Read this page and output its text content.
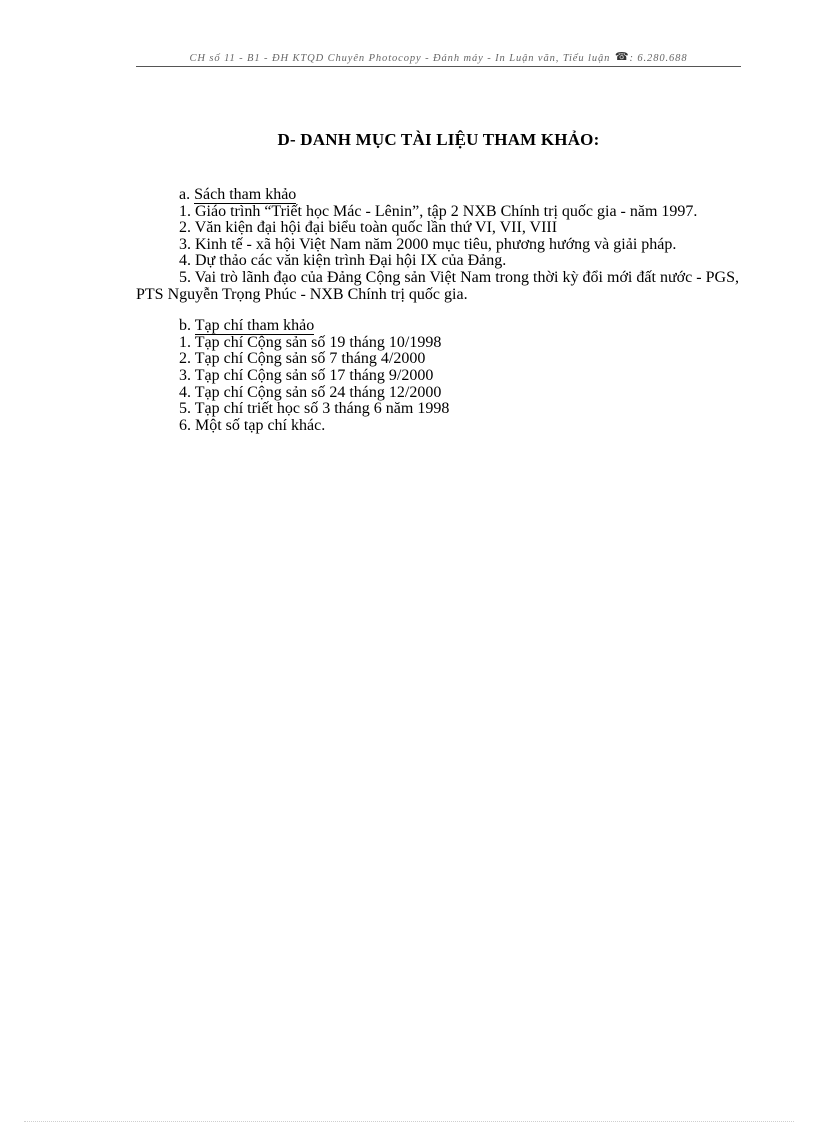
CH số 11 - B1 - ĐH KTQD Chuyên Photocopy - Đánh máy - In Luận văn, Tiểu luận ☎: 6.280.688
D- DANH MỤC TÀI LIỆU THAM KHẢO:
a. Sách tham khảo
1. Giáo trình “Triết học Mác - Lênin”, tập 2 NXB Chính trị quốc gia - năm 1997.
2. Văn kiện đại hội đại biểu toàn quốc lần thứ VI, VII, VIII
3. Kinh tế - xã hội Việt Nam năm 2000 mục tiêu, phương hướng và giải pháp.
4. Dự thảo các văn kiện trình Đại hội IX của Đảng.
5. Vai trò lãnh đạo của Đảng Cộng sản Việt Nam trong thời kỳ đổi mới đất nước - PGS, PTS Nguyễn Trọng Phúc - NXB Chính trị quốc gia.
b. Tạp chí tham khảo
1. Tạp chí Cộng sản số 19 tháng 10/1998
2. Tạp chí Cộng sản số 7 tháng 4/2000
3. Tạp chí Cộng sản số 17 tháng 9/2000
4. Tạp chí Cộng sản số 24 tháng 12/2000
5. Tạp chí triết học số 3 tháng 6 năm 1998
6. Một số tạp chí khác.
